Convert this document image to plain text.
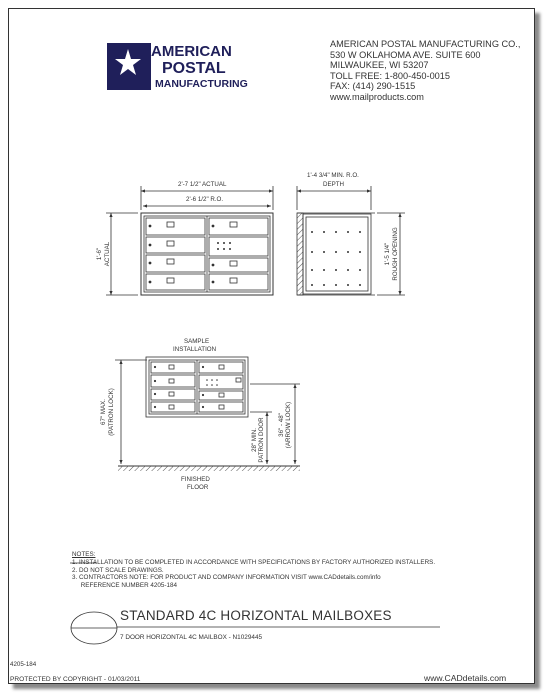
AMERICAN
POSTAL
MANUFACTURING
1'-6" ACTUAL	1'-5 1/4" ROUGH OPENING
67" MAX. (PATRON LOCK)
28" MIN. PATRON DOOR 36" - 48" (ARROW LOCK)
AMERICAN POSTAL MANUFACTURING CO.,
530 W OKLAHOMA AVE. SUITE 600
MILWAUKEE, WI 53207
TOLL FREE: 1-800-450-0015
FAX: (414) 290-1515
www.mailproducts.com
2'-7 1/2" ACTUAL
2'-6 1/2" R.O.
1'-4 3/4" MIN. R.O.
DEPTH
SAMPLE
INSTALLATION
FINISHED
FLOOR
NOTES:
1. INSTALLATION TO BE COMPLETED IN ACCORDANCE WITH SPECIFICATIONS BY FACTORY AUTHORIZED INSTALLERS.
2. DO NOT SCALE DRAWINGS.
3. CONTRACTORS NOTE: FOR PRODUCT AND COMPANY INFORMATION VISIT www.CADdetails.com/info
REFERENCE NUMBER 4205-184
STANDARD 4C HORIZONTAL MAILBOXES
7 DOOR HORIZONTAL 4C MAILBOX - N1029445
4205-184
PROTECTED BY COPYRIGHT - 01/03/2011	www.CADdetails.com
